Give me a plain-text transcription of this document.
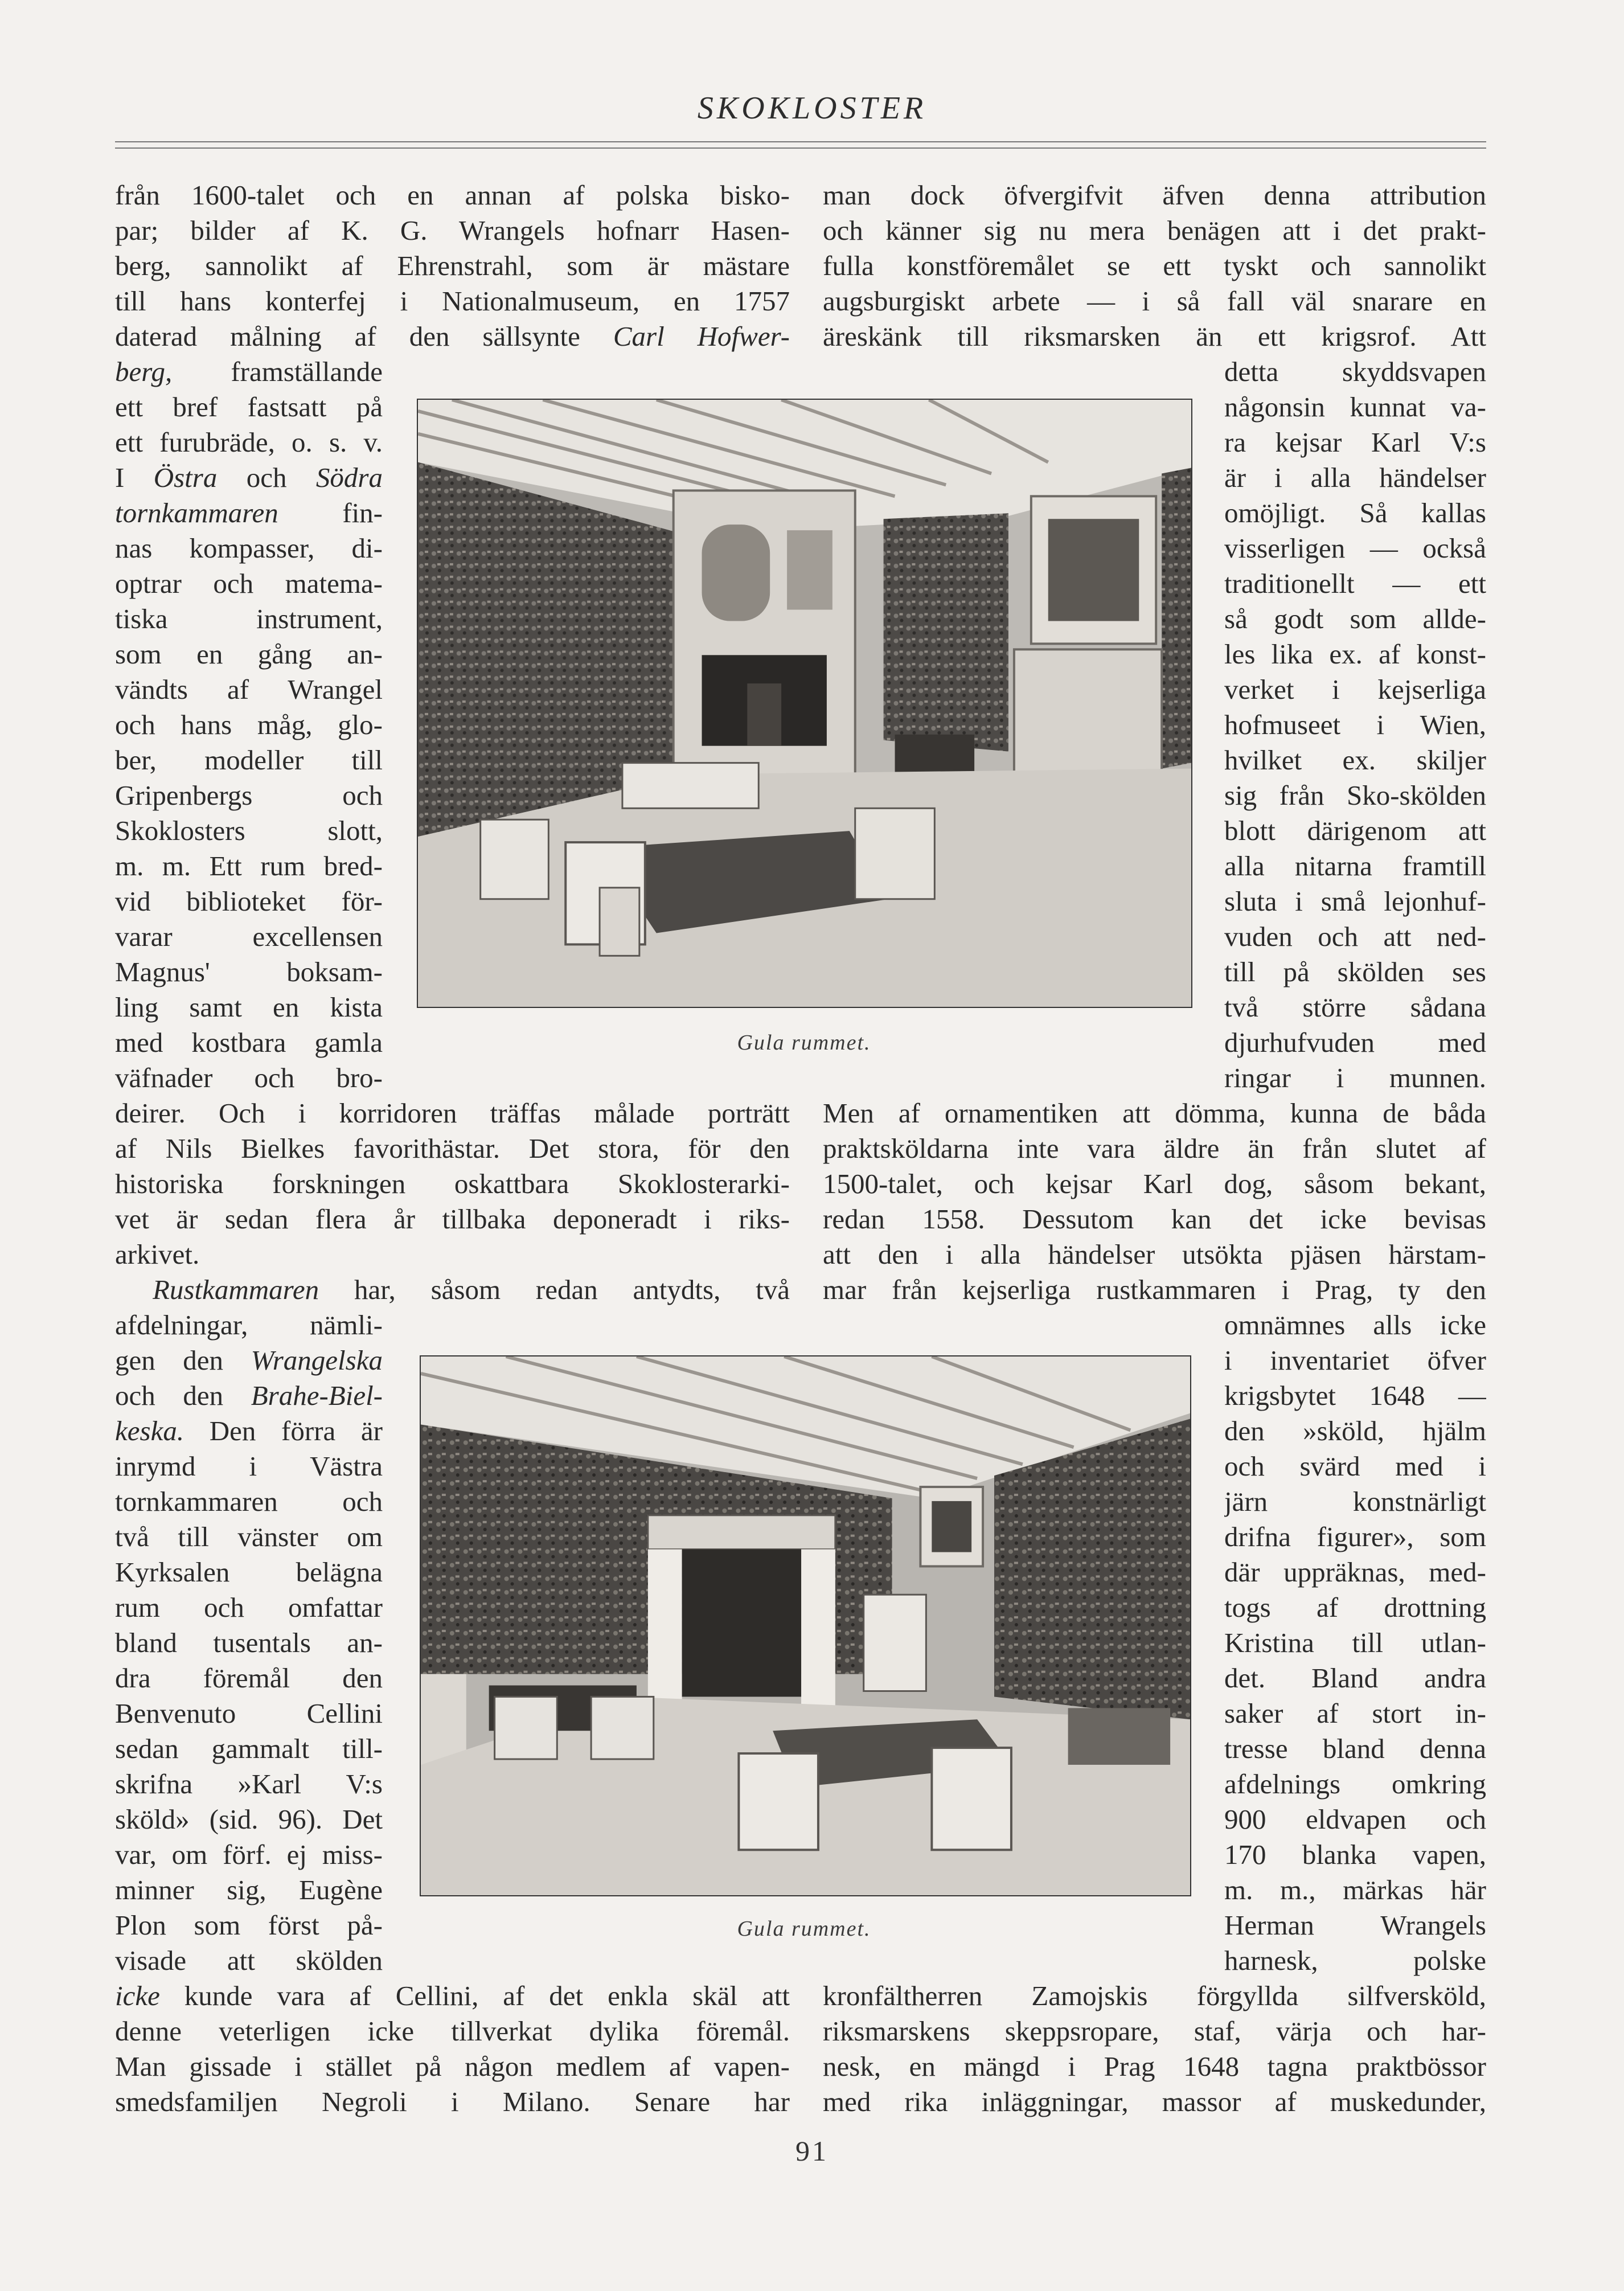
SKOKLOSTER
från 1600-talet och en annan af polska bisko-
par; bilder af K. G. Wrangels hofnarr Hasen-
berg, sannolikt af Ehrenstrahl, som är mästare
till hans konterfej i Nationalmuseum, en 1757
daterad målning af den sällsynte Carl Hofwer-
berg, framställande
ett bref fastsatt på
ett furubräde, o. s. v.
I Östra och Södra
tornkammaren fin-
nas kompasser, di-
optrar och matema-
tiska instrument,
som en gång an-
vändts af Wrangel
och hans måg, glo-
ber, modeller till
Gripenbergs och
Skoklosters slott,
m. m. Ett rum bred-
vid biblioteket för-
varar excellensen
Magnus' boksam-
ling samt en kista
med kostbara gamla
väfnader och bro-
deirer. Och i korridoren träffas målade porträtt
af Nils Bielkes favorithästar. Det stora, för den
historiska forskningen oskattbara Skoklosterarki-
vet är sedan flera år tillbaka deponeradt i riks-
arkivet.
Rustkammaren har, såsom redan antydts, två
afdelningar, nämli-
gen den Wrangelska
och den Brahe-Biel-
keska. Den förra är
inrymd i Västra
tornkammaren och
två till vänster om
Kyrksalen belägna
rum och omfattar
bland tusentals an-
dra föremål den
Benvenuto Cellini
sedan gammalt till-
skrifna »Karl V:s
sköld» (sid. 96). Det
var, om förf. ej miss-
minner sig, Eugène
Plon som först på-
visade att skölden
icke kunde vara af Cellini, af det enkla skäl att
denne veterligen icke tillverkat dylika föremål.
Man gissade i stället på någon medlem af vapen-
smedsfamiljen Negroli i Milano. Senare har
man dock öfvergifvit äfven denna attribution
och känner sig nu mera benägen att i det prakt-
fulla konstföremålet se ett tyskt och sannolikt
augsburgiskt arbete — i så fall väl snarare en
äreskänk till riksmarsken än ett krigsrof. Att
detta skyddsvapen
någonsin kunnat va-
ra kejsar Karl V:s
är i alla händelser
omöjligt. Så kallas
visserligen — också
traditionellt — ett
så godt som allde-
les lika ex. af konst-
verket i kejserliga
hofmuseet i Wien,
hvilket ex. skiljer
sig från Sko-skölden
blott därigenom att
alla nitarna framtill
sluta i små lejonhuf-
vuden och att ned-
till på skölden ses
två större sådana
djurhufvuden med
ringar i munnen.
Men af ornamentiken att dömma, kunna de båda
praktsköldarna inte vara äldre än från slutet af
1500-talet, och kejsar Karl dog, såsom bekant,
redan 1558. Dessutom kan det icke bevisas
att den i alla händelser utsökta pjäsen härstam-
mar från kejserliga rustkammaren i Prag, ty den
omnämnes alls icke
i inventariet öfver
krigsbytet 1648 —
den »sköld, hjälm
och svärd med i
järn konstnärligt
drifna figurer», som
där uppräknas, med-
togs af drottning
Kristina till utlan-
det. Bland andra
saker af stort in-
tresse bland denna
afdelnings omkring
900 eldvapen och
170 blanka vapen,
m. m., märkas här
Herman Wrangels
harnesk, polske
kronfältherren Zamojskis förgyllda silfversköld,
riksmarskens skeppsropare, staf, värja och har-
nesk, en mängd i Prag 1648 tagna praktbössor
med rika inläggningar, massor af muskedunder,
Gula rummet.
Gula rummet.
91
